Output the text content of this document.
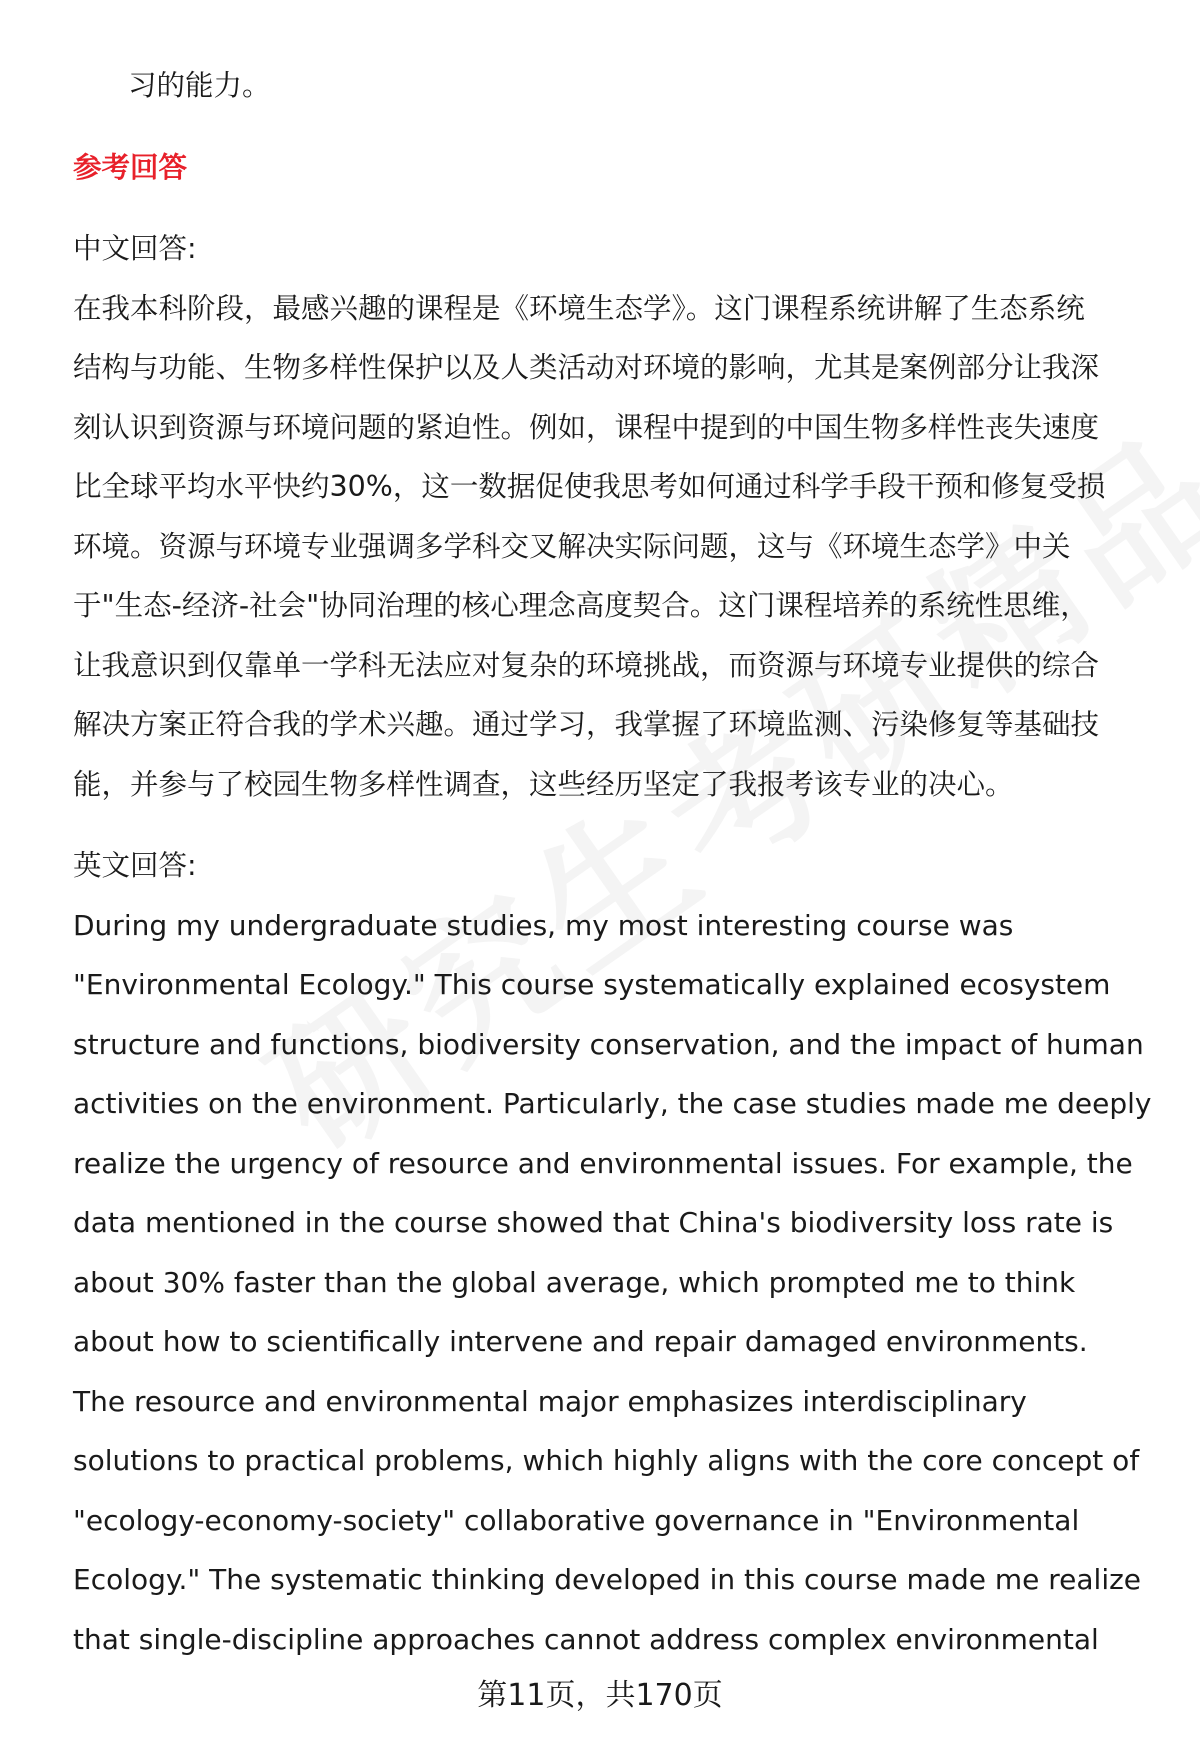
习的能力。
参考回答
中文回答:
在我本科阶段，最感兴趣的课程是《环境生态学》。这门课程系统讲解了生态系统
结构与功能、生物多样性保护以及人类活动对环境的影响，尤其是案例部分让我深
刻认识到资源与环境问题的紧迫性。例如，课程中提到的中国生物多样性丧失速度
比全球平均水平快约30%，这一数据促使我思考如何通过科学手段干预和修复受损
环境。资源与环境专业强调多学科交叉解决实际问题，这与《环境生态学》中关
于"生态-经济-社会"协同治理的核心理念高度契合。这门课程培养的系统性思维，
让我意识到仅靠单一学科无法应对复杂的环境挑战，而资源与环境专业提供的综合
解决方案正符合我的学术兴趣。通过学习，我掌握了环境监测、污染修复等基础技
能，并参与了校园生物多样性调查，这些经历坚定了我报考该专业的决心。
英文回答:
During my undergraduate studies, my most interesting course was
"Environmental Ecology." This course systematically explained ecosystem
structure and functions, biodiversity conservation, and the impact of human
activities on the environment. Particularly, the case studies made me deeply
realize the urgency of resource and environmental issues. For example, the
data mentioned in the course showed that China's biodiversity loss rate is
about 30% faster than the global average, which prompted me to think
about how to scientifically intervene and repair damaged environments.
The resource and environmental major emphasizes interdisciplinary
solutions to practical problems, which highly aligns with the core concept of
"ecology-economy-society" collaborative governance in "Environmental
Ecology." The systematic thinking developed in this course made me realize
that single-discipline approaches cannot address complex environmental
第11页，共170页
